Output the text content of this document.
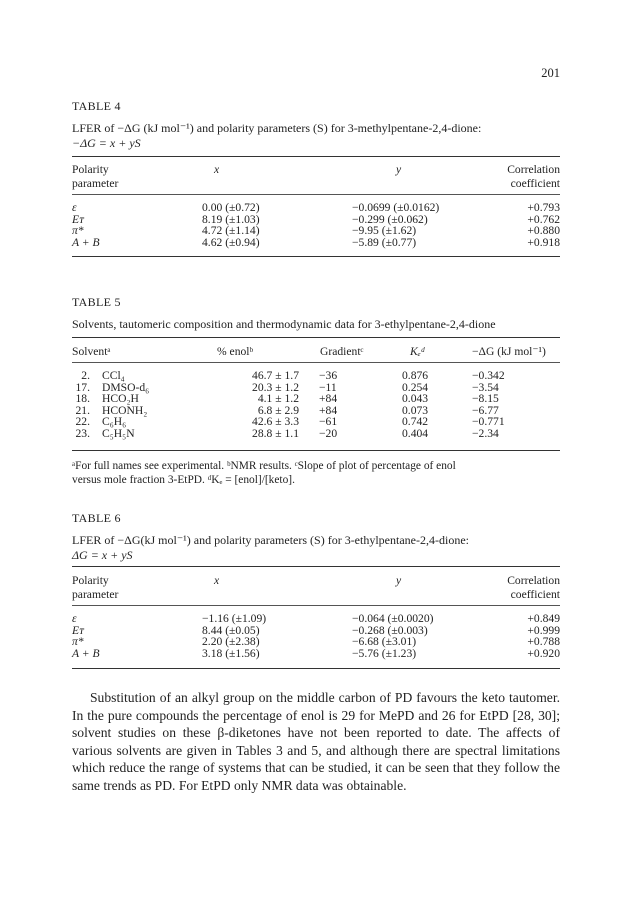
201
TABLE 4
LFER of −ΔG (kJ mol⁻¹) and polarity parameters (S) for 3-methylpentane-2,4-dione:
−ΔG = x + yS
Polarity
parameter	x	y	Correlation
coefficient
ε	0.00 (±0.72)	−0.0699 (±0.0162)	+0.793
Eᴛ	8.19 (±1.03)	−0.299 (±0.062)	+0.762
π*	4.72 (±1.14)	−9.95 (±1.62)	+0.880
A + B	4.62 (±0.94)	−5.89 (±0.77)	+0.918
TABLE 5
Solvents, tautomeric composition and thermodynamic data for 3-ethylpentane-2,4-dione
Solventᵃ	% enolᵇ	Gradientᶜ	Kₑᵈ	−ΔG (kJ mol⁻¹)
2.	CCl₄	46.7 ± 1.7	−36	0.876	−0.342
17.	DMSO-d₆	20.3 ± 1.2	−11	0.254	−3.54
18.	HCO₂H	4.1 ± 1.2	+84	0.043	−8.15
21.	HCONH₂	6.8 ± 2.9	+84	0.073	−6.77
22.	C₆H₆	42.6 ± 3.3	−61	0.742	−0.771
23.	C₅H₅N	28.8 ± 1.1	−20	0.404	−2.34
ᵃFor full names see experimental. ᵇNMR results. ᶜSlope of plot of percentage of enol
versus mole fraction 3-EtPD. ᵈKₑ = [enol]/[keto].
TABLE 6
LFER of −ΔG(kJ mol⁻¹) and polarity parameters (S) for 3-ethylpentane-2,4-dione:
ΔG = x + yS
Polarity
parameter	x	y	Correlation
coefficient
ε	−1.16 (±1.09)	−0.064 (±0.0020)	+0.849
Eᴛ	8.44 (±0.05)	−0.268 (±0.003)	+0.999
π*	2.20 (±2.38)	−6.68 (±3.01)	+0.788
A + B	3.18 (±1.56)	−5.76 (±1.23)	+0.920
Substitution of an alkyl group on the middle carbon of PD favours the keto tautomer. In the pure compounds the percentage of enol is 29 for MePD and 26 for EtPD [28, 30]; solvent studies on these β-diketones have not been reported to date. The affects of various solvents are given in Tables 3 and 5, and although there are spectral limitations which reduce the range of systems that can be studied, it can be seen that they follow the same trends as PD. For EtPD only NMR data was obtainable.
